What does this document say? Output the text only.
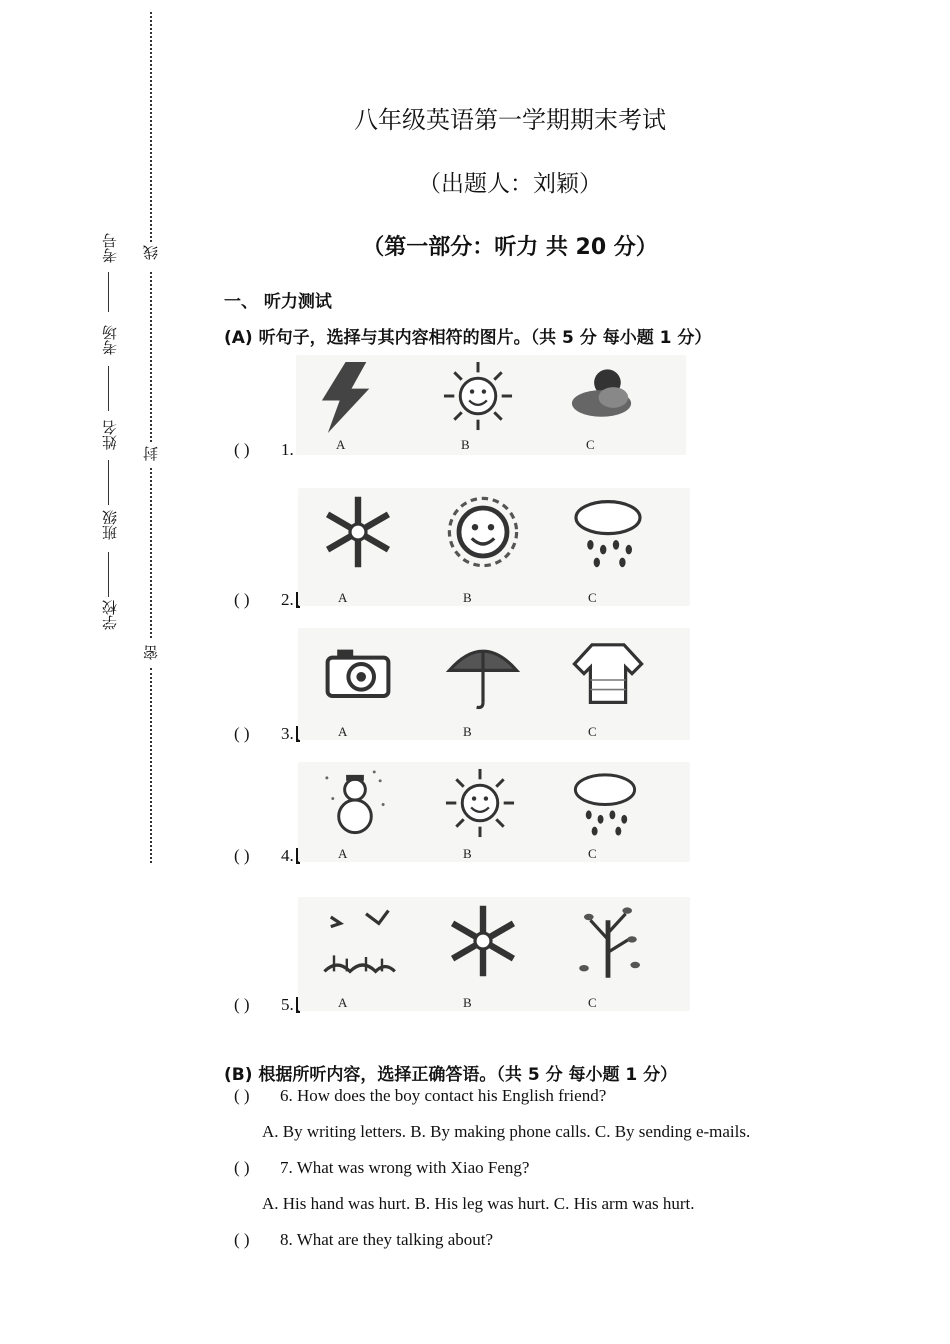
线
封
密
考号
考场
姓名
班级
学校
八年级英语第一学期期末考试
（出题人：刘颖）
（第一部分：听力 共 20 分）
一、 听力测试
(A) 听句子，选择与其内容相符的图片。（共 5 分 每小题 1 分）
( ) 1.	A	B	C
( ) 2.	A	B	C
( ) 3.	A	B	C
( ) 4.	A	B	C
( ) 5.	A	B	C
(B) 根据所听内容，选择正确答语。（共 5 分 每小题 1 分）
( ) 6. How does the boy contact his English friend?
A. By writing letters. B. By making phone calls. C. By sending e-mails.
( ) 7. What was wrong with Xiao Feng?
A. His hand was hurt. B. His leg was hurt. C. His arm was hurt.
( ) 8. What are they talking about?
